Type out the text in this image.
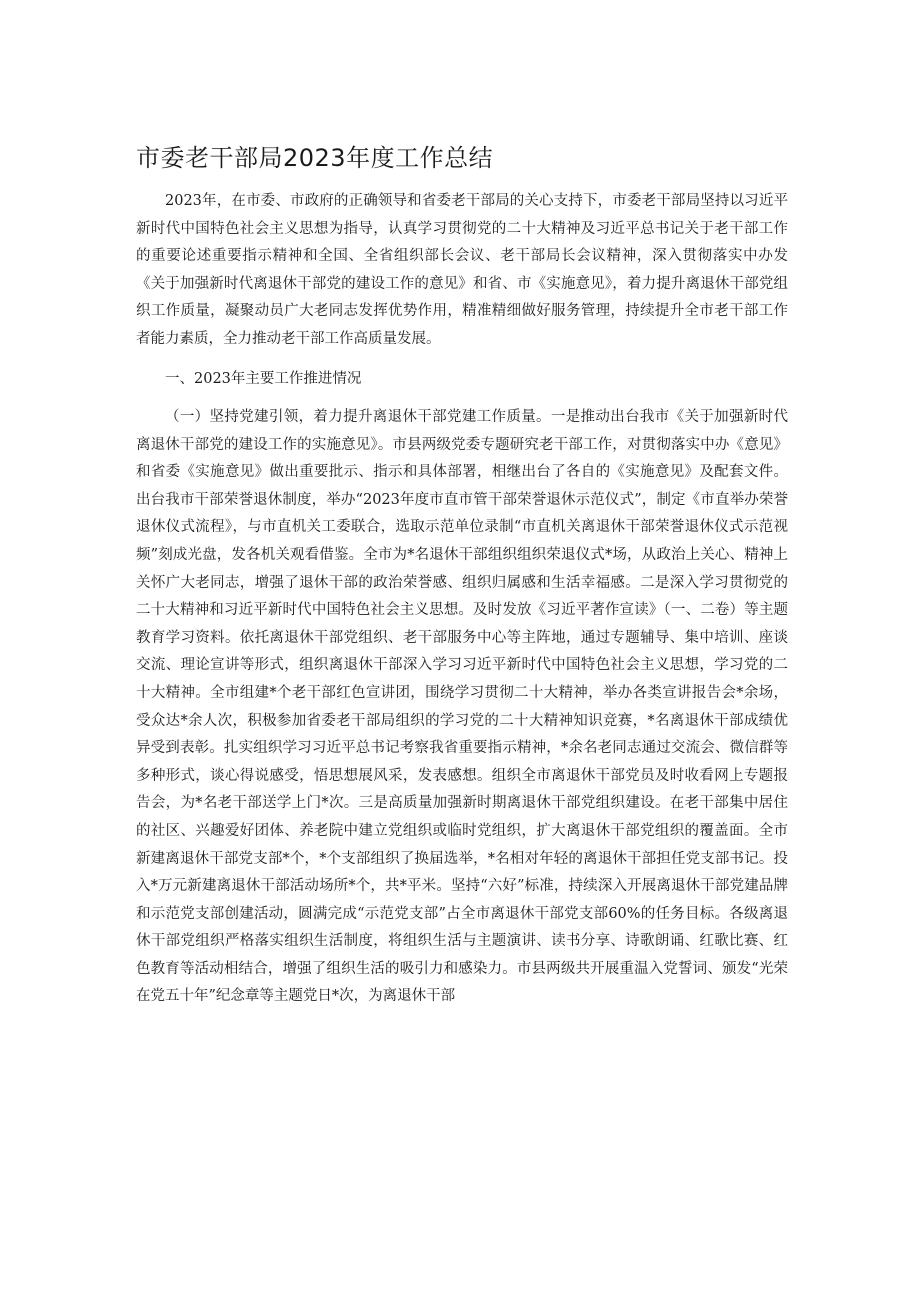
市委老干部局2023年度工作总结

2023年，在市委、市政府的正确领导和省委老干部局的关心支持下，市委老干部局坚持以习近平新时代中国特色社会主义思想为指导，认真学习贯彻党的二十大精神及习近平总书记关于老干部工作的重要论述重要指示精神和全国、全省组织部长会议、老干部局长会议精神，深入贯彻落实中办发《关于加强新时代离退休干部党的建设工作的意见》和省、市《实施意见》，着力提升离退休干部党组织工作质量，凝聚动员广大老同志发挥优势作用，精准精细做好服务管理，持续提升全市老干部工作者能力素质，全力推动老干部工作高质量发展。

一、2023年主要工作推进情况

（一）坚持党建引领，着力提升离退休干部党建工作质量。一是推动出台我市《关于加强新时代离退休干部党的建设工作的实施意见》。市县两级党委专题研究老干部工作，对贯彻落实中办《意见》和省委《实施意见》做出重要批示、指示和具体部署，相继出台了各自的《实施意见》及配套文件。出台我市干部荣誉退休制度，举办“2023年度市直市管干部荣誉退休示范仪式”，制定《市直举办荣誉退休仪式流程》，与市直机关工委联合，选取示范单位录制“市直机关离退休干部荣誉退休仪式示范视频”刻成光盘，发各机关观看借鉴。全市为*名退休干部组织组织荣退仪式*场，从政治上关心、精神上关怀广大老同志，增强了退休干部的政治荣誉感、组织归属感和生活幸福感。二是深入学习贯彻党的二十大精神和习近平新时代中国特色社会主义思想。及时发放《习近平著作宣读》（一、二卷）等主题教育学习资料。依托离退休干部党组织、老干部服务中心等主阵地，通过专题辅导、集中培训、座谈交流、理论宣讲等形式，组织离退休干部深入学习习近平新时代中国特色社会主义思想，学习党的二十大精神。全市组建*个老干部红色宣讲团，围绕学习贯彻二十大精神，举办各类宣讲报告会*余场，受众达*余人次，积极参加省委老干部局组织的学习党的二十大精神知识竞赛，*名离退休干部成绩优异受到表彰。扎实组织学习习近平总书记考察我省重要指示精神，*余名老同志通过交流会、微信群等多种形式，谈心得说感受，悟思想展风采，发表感想。组织全市离退休干部党员及时收看网上专题报告会，为*名老干部送学上门*次。三是高质量加强新时期离退休干部党组织建设。在老干部集中居住的社区、兴趣爱好团体、养老院中建立党组织或临时党组织，扩大离退休干部党组织的覆盖面。全市新建离退休干部党支部*个，*个支部组织了换届选举，*名相对年轻的离退休干部担任党支部书记。投入*万元新建离退休干部活动场所*个，共*平米。坚持“六好”标准，持续深入开展离退休干部党建品牌和示范党支部创建活动，圆满完成“示范党支部”占全市离退休干部党支部60%的任务目标。各级离退休干部党组织严格落实组织生活制度，将组织生活与主题演讲、读书分享、诗歌朗诵、红歌比赛、红色教育等活动相结合，增强了组织生活的吸引力和感染力。市县两级共开展重温入党誓词、颁发“光荣在党五十年”纪念章等主题党日*次，为离退休干部
